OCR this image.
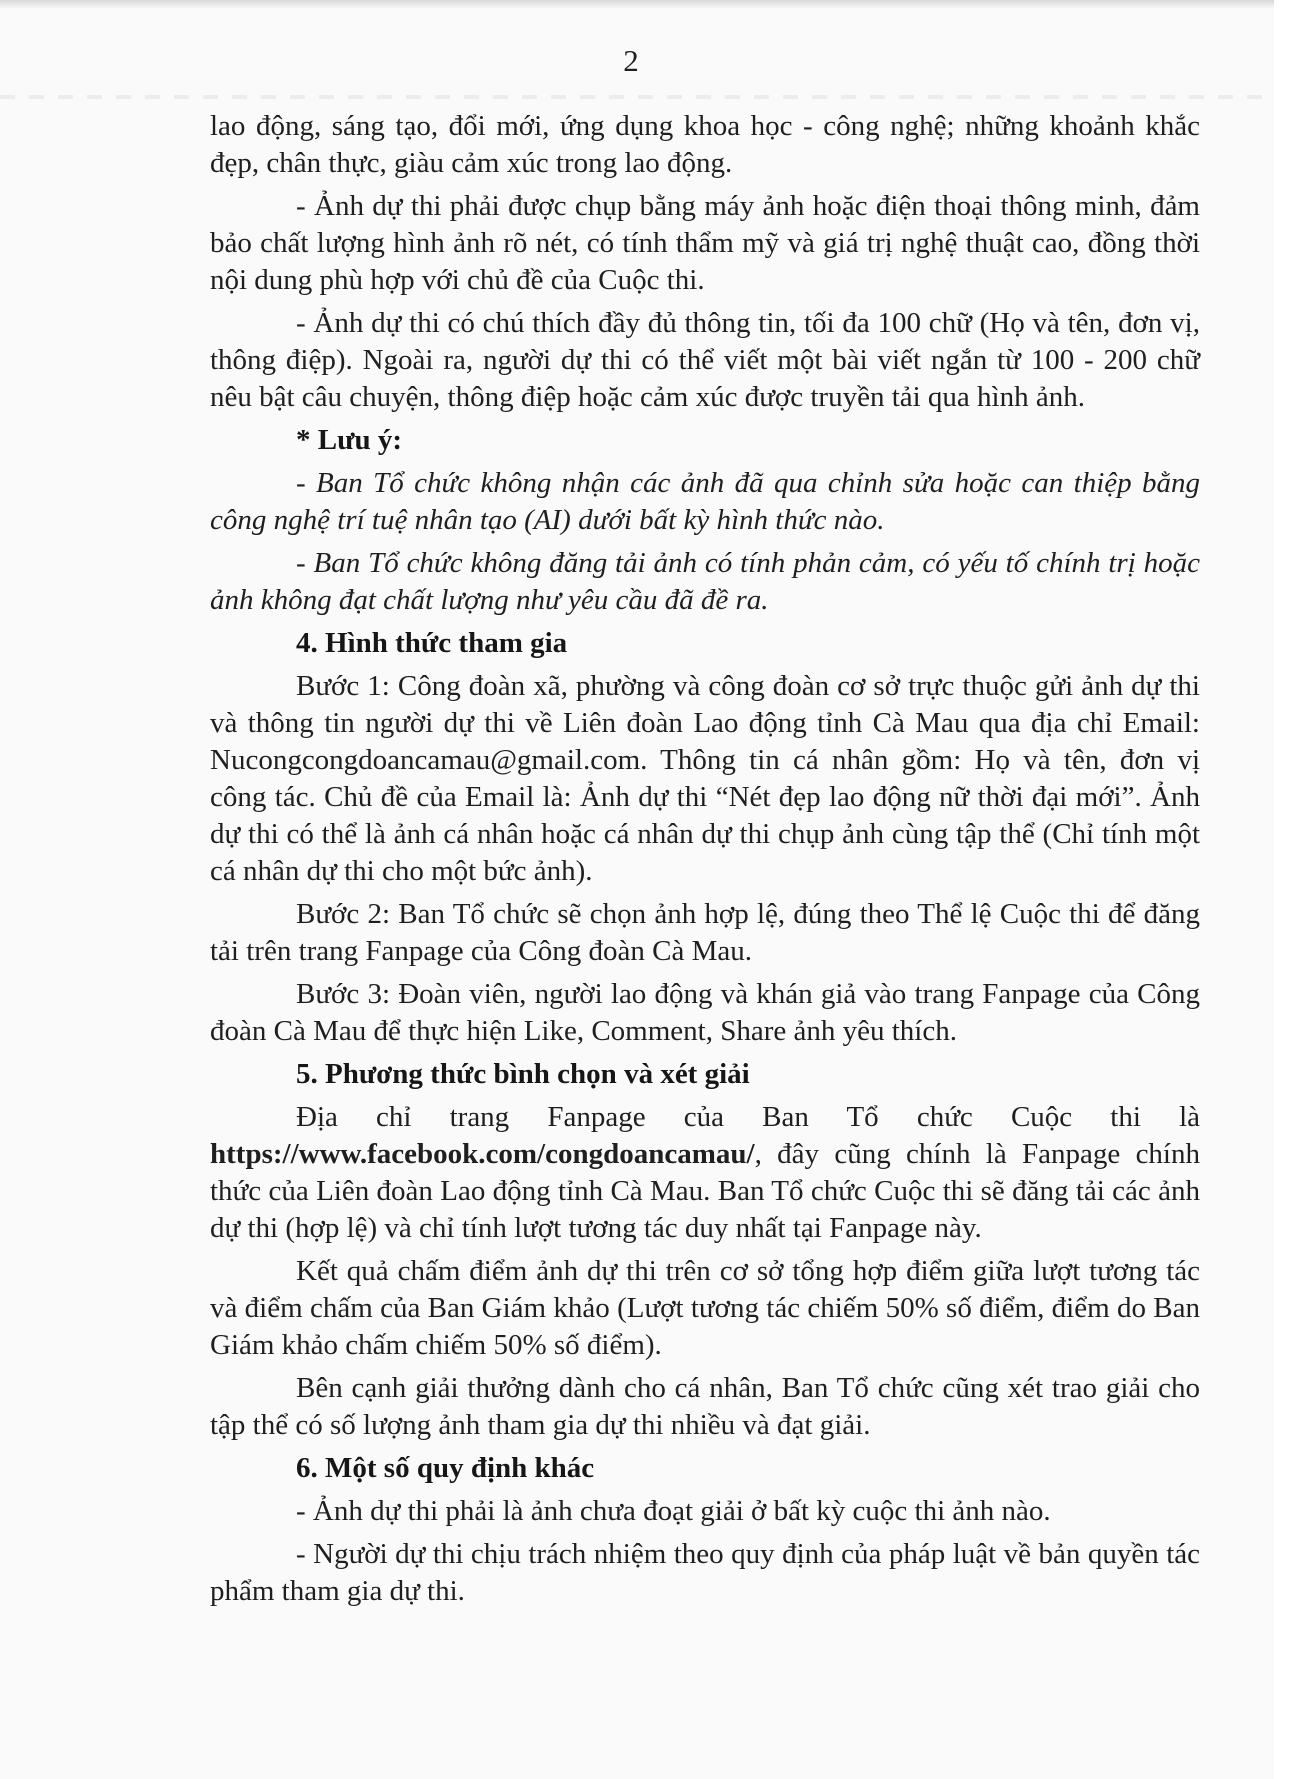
2

lao động, sáng tạo, đổi mới, ứng dụng khoa học - công nghệ; những khoảnh khắc đẹp, chân thực, giàu cảm xúc trong lao động.

- Ảnh dự thi phải được chụp bằng máy ảnh hoặc điện thoại thông minh, đảm bảo chất lượng hình ảnh rõ nét, có tính thẩm mỹ và giá trị nghệ thuật cao, đồng thời nội dung phù hợp với chủ đề của Cuộc thi.

- Ảnh dự thi có chú thích đầy đủ thông tin, tối đa 100 chữ (Họ và tên, đơn vị, thông điệp). Ngoài ra, người dự thi có thể viết một bài viết ngắn từ 100 - 200 chữ nêu bật câu chuyện, thông điệp hoặc cảm xúc được truyền tải qua hình ảnh.

* Lưu ý:

- Ban Tổ chức không nhận các ảnh đã qua chỉnh sửa hoặc can thiệp bằng công nghệ trí tuệ nhân tạo (AI) dưới bất kỳ hình thức nào.

- Ban Tổ chức không đăng tải ảnh có tính phản cảm, có yếu tố chính trị hoặc ảnh không đạt chất lượng như yêu cầu đã đề ra.

4. Hình thức tham gia

Bước 1: Công đoàn xã, phường và công đoàn cơ sở trực thuộc gửi ảnh dự thi và thông tin người dự thi về Liên đoàn Lao động tỉnh Cà Mau qua địa chỉ Email: Nucongcongdoancamau@gmail.com. Thông tin cá nhân gồm: Họ và tên, đơn vị công tác. Chủ đề của Email là: Ảnh dự thi “Nét đẹp lao động nữ thời đại mới”. Ảnh dự thi có thể là ảnh cá nhân hoặc cá nhân dự thi chụp ảnh cùng tập thể (Chỉ tính một cá nhân dự thi cho một bức ảnh).

Bước 2: Ban Tổ chức sẽ chọn ảnh hợp lệ, đúng theo Thể lệ Cuộc thi để đăng tải trên trang Fanpage của Công đoàn Cà Mau.

Bước 3: Đoàn viên, người lao động và khán giả vào trang Fanpage của Công đoàn Cà Mau để thực hiện Like, Comment, Share ảnh yêu thích.

5. Phương thức bình chọn và xét giải

Địa chỉ trang Fanpage của Ban Tổ chức Cuộc thi là https://www.facebook.com/congdoancamau/, đây cũng chính là Fanpage chính thức của Liên đoàn Lao động tỉnh Cà Mau. Ban Tổ chức Cuộc thi sẽ đăng tải các ảnh dự thi (hợp lệ) và chỉ tính lượt tương tác duy nhất tại Fanpage này.

Kết quả chấm điểm ảnh dự thi trên cơ sở tổng hợp điểm giữa lượt tương tác và điểm chấm của Ban Giám khảo (Lượt tương tác chiếm 50% số điểm, điểm do Ban Giám khảo chấm chiếm 50% số điểm).

Bên cạnh giải thưởng dành cho cá nhân, Ban Tổ chức cũng xét trao giải cho tập thể có số lượng ảnh tham gia dự thi nhiều và đạt giải.

6. Một số quy định khác

- Ảnh dự thi phải là ảnh chưa đoạt giải ở bất kỳ cuộc thi ảnh nào.

- Người dự thi chịu trách nhiệm theo quy định của pháp luật về bản quyền tác phẩm tham gia dự thi.
